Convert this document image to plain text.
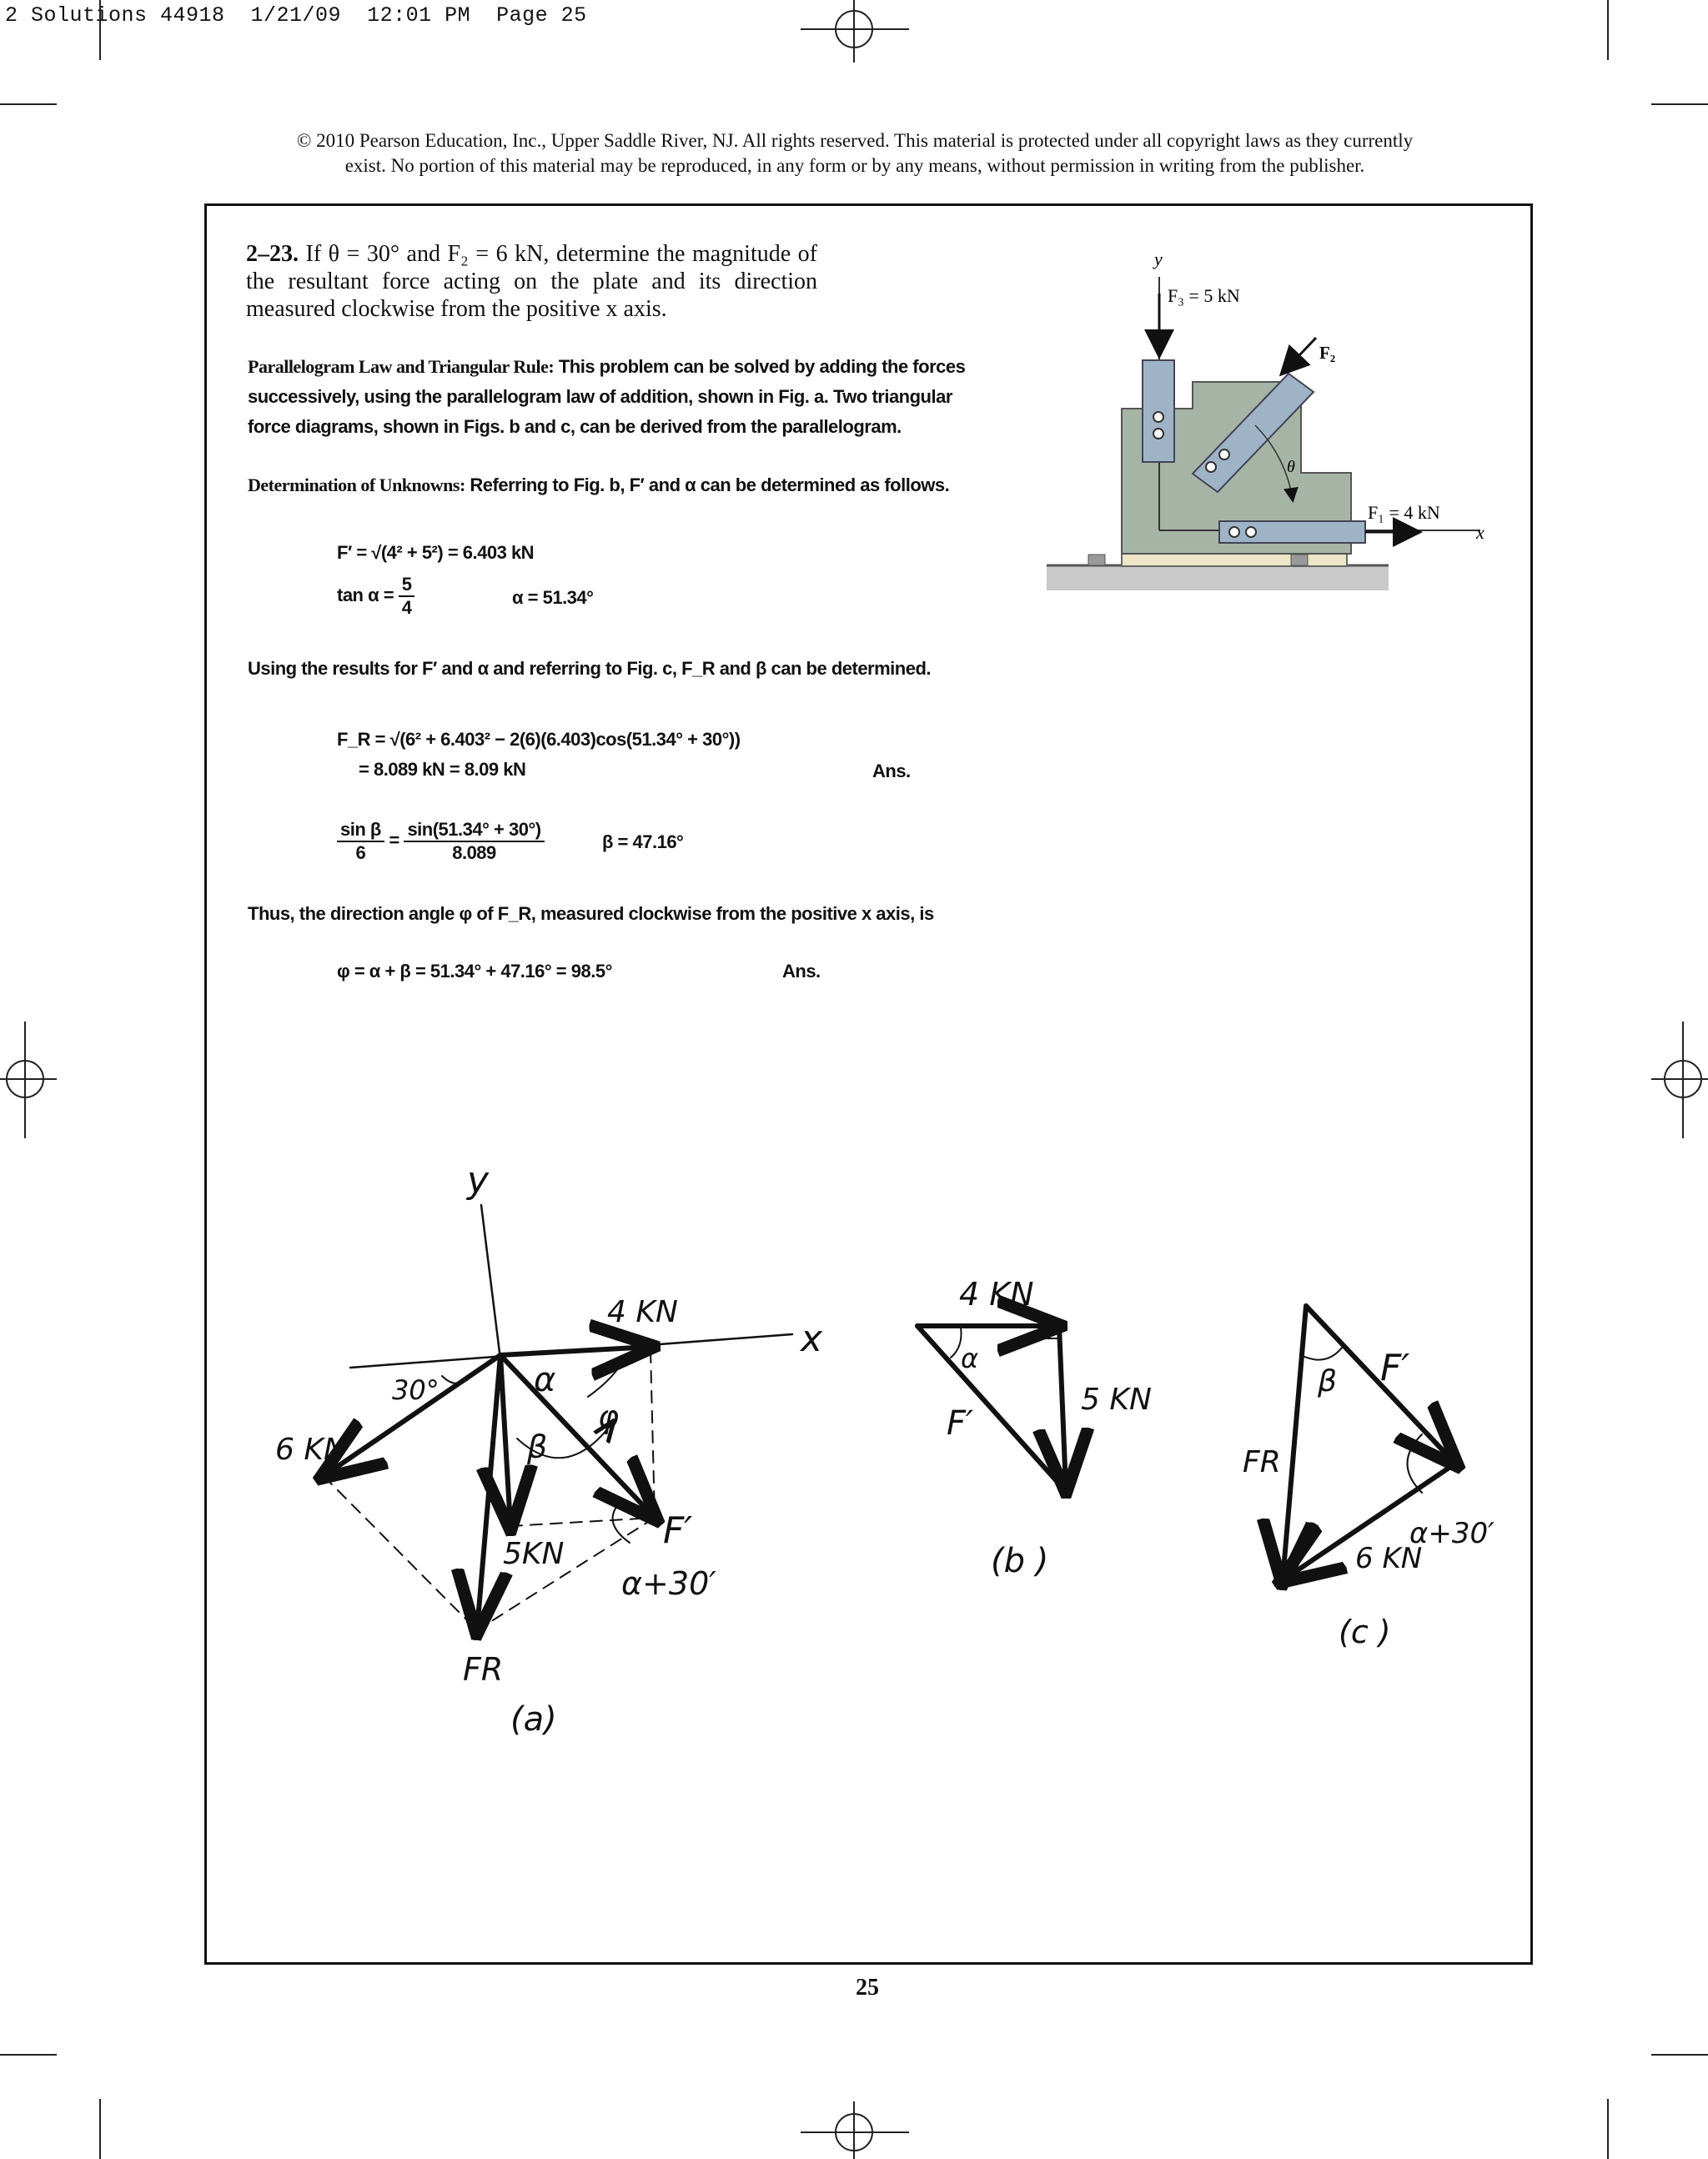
2 Solutions 44918  1/21/09  12:01 PM  Page 25
© 2010 Pearson Education, Inc., Upper Saddle River, NJ. All rights reserved. This material is protected under all copyright laws as they currently
exist. No portion of this material may be reproduced, in any form or by any means, without permission in writing from the publisher.
2–23. If θ = 30° and F₂ = 6 kN, determine the magnitude of the resultant force acting on the plate and its direction measured clockwise from the positive x axis.
Parallelogram Law and Triangular Rule: This problem can be solved by adding the forces successively, using the parallelogram law of addition, shown in Fig. a. Two triangular force diagrams, shown in Figs. b and c, can be derived from the parallelogram.
Determination of Unknowns: Referring to Fig. b, F′ and α can be determined as follows.
F′ = √(4² + 5²) = 6.403 kN
$\tan \alpha = \frac{5}{4}$	α = 51.34°
Using the results for F′ and α and referring to Fig. c, F_R and β can be determined.
F_R = √(6² + 6.403² − 2(6)(6.403)cos(51.34° + 30°))
= 8.089 kN = 8.09 kN	Ans.
$\frac{\text{sin β}}{6} = \frac{\sin(51.34^\circ + 30^\circ)}{8.089}$	β = 47.16°
Thus, the direction angle φ of F_R, measured clockwise from the positive x axis, is
φ = α + β = 51.34° + 47.16° = 98.5°	Ans.
y
F₃ = 5 kN
F₂
θ
F₁ = 4 kN
x
y
x
4 KN
6 KN
30°	α
β
φ
5KN
F′
α+30′
FR
(a)
4 KN
α
F′
5 KN
(b )
F′
β
FR
α+30′
6 KN
(c )
25
